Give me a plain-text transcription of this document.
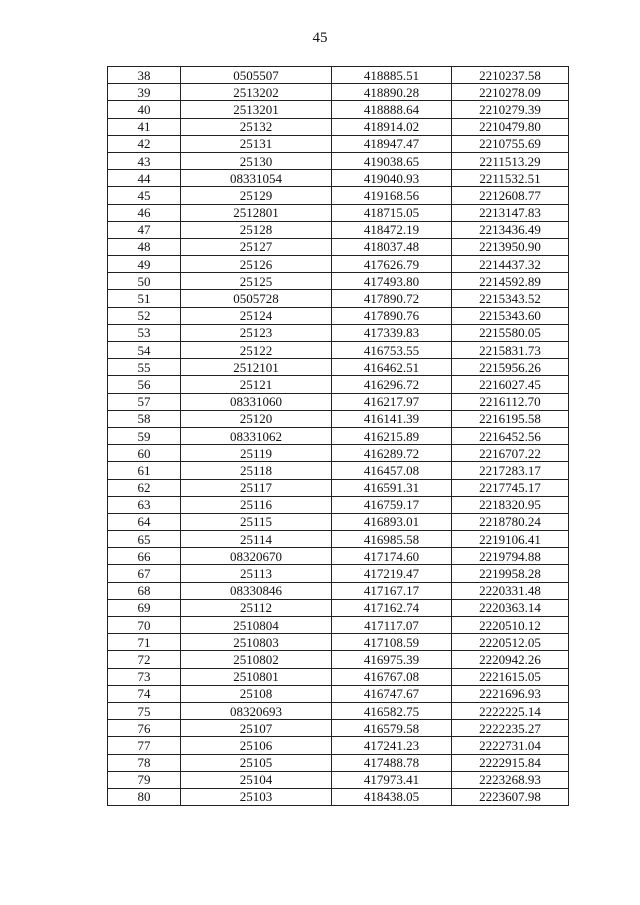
45
38	0505507	418885.51	2210237.58
39	2513202	418890.28	2210278.09
40	2513201	418888.64	2210279.39
41	25132	418914.02	2210479.80
42	25131	418947.47	2210755.69
43	25130	419038.65	2211513.29
44	08331054	419040.93	2211532.51
45	25129	419168.56	2212608.77
46	2512801	418715.05	2213147.83
47	25128	418472.19	2213436.49
48	25127	418037.48	2213950.90
49	25126	417626.79	2214437.32
50	25125	417493.80	2214592.89
51	0505728	417890.72	2215343.52
52	25124	417890.76	2215343.60
53	25123	417339.83	2215580.05
54	25122	416753.55	2215831.73
55	2512101	416462.51	2215956.26
56	25121	416296.72	2216027.45
57	08331060	416217.97	2216112.70
58	25120	416141.39	2216195.58
59	08331062	416215.89	2216452.56
60	25119	416289.72	2216707.22
61	25118	416457.08	2217283.17
62	25117	416591.31	2217745.17
63	25116	416759.17	2218320.95
64	25115	416893.01	2218780.24
65	25114	416985.58	2219106.41
66	08320670	417174.60	2219794.88
67	25113	417219.47	2219958.28
68	08330846	417167.17	2220331.48
69	25112	417162.74	2220363.14
70	2510804	417117.07	2220510.12
71	2510803	417108.59	2220512.05
72	2510802	416975.39	2220942.26
73	2510801	416767.08	2221615.05
74	25108	416747.67	2221696.93
75	08320693	416582.75	2222225.14
76	25107	416579.58	2222235.27
77	25106	417241.23	2222731.04
78	25105	417488.78	2222915.84
79	25104	417973.41	2223268.93
80	25103	418438.05	2223607.98
